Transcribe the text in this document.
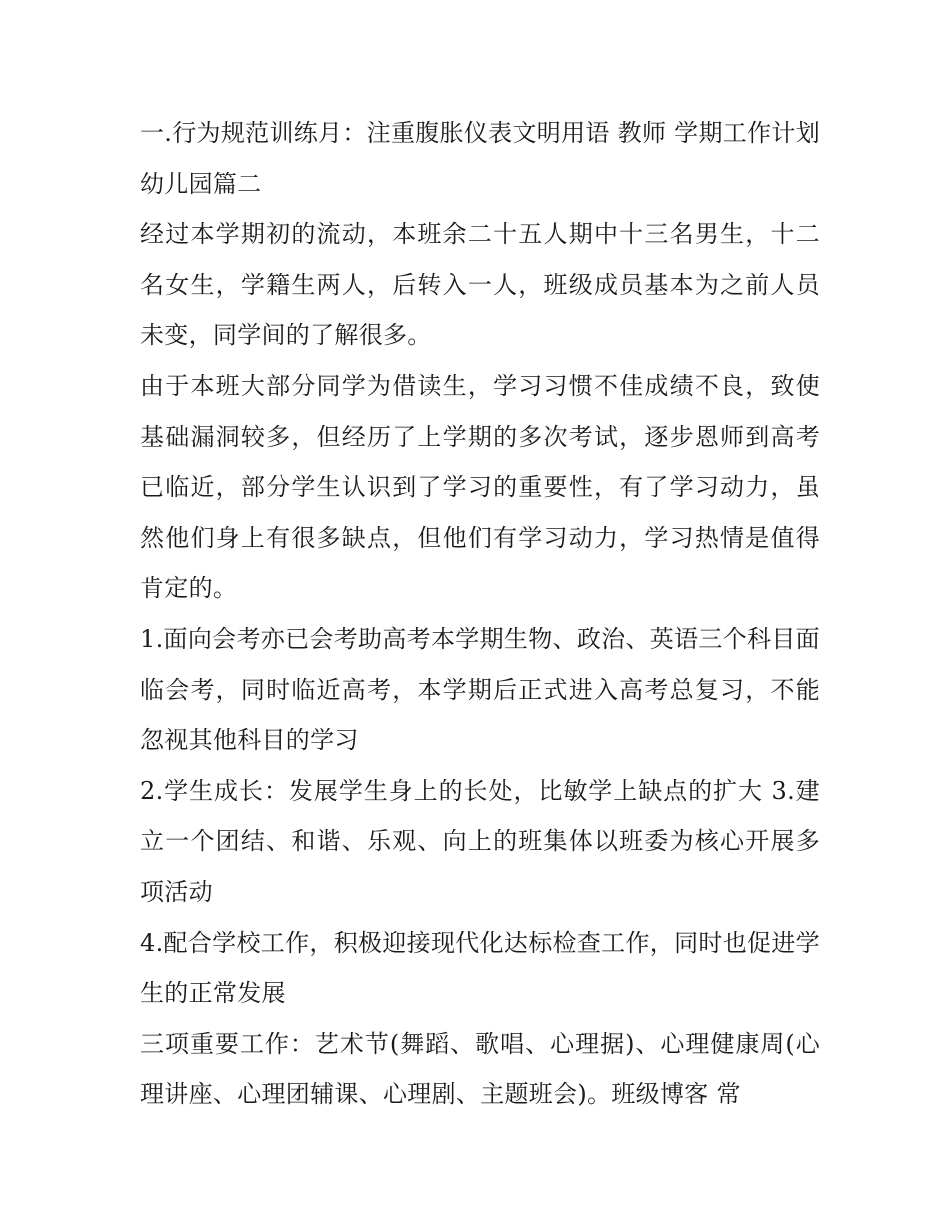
一.行为规范训练月：注重腹胀仪表文明用语 教师 学期工作计划幼儿园篇二

经过本学期初的流动，本班余二十五人期中十三名男生，十二名女生，学籍生两人，后转入一人，班级成员基本为之前人员未变，同学间的了解很多。

由于本班大部分同学为借读生，学习习惯不佳成绩不良，致使基础漏洞较多，但经历了上学期的多次考试，逐步恩师到高考已临近，部分学生认识到了学习的重要性，有了学习动力，虽然他们身上有很多缺点，但他们有学习动力，学习热情是值得肯定的。

1.面向会考亦已会考助高考本学期生物、政治、英语三个科目面临会考，同时临近高考，本学期后正式进入高考总复习，不能忽视其他科目的学习

2.学生成长：发展学生身上的长处，比敏学上缺点的扩大 3.建立一个团结、和谐、乐观、向上的班集体以班委为核心开展多项活动

4.配合学校工作，积极迎接现代化达标检查工作，同时也促进学生的正常发展

三项重要工作：艺术节(舞蹈、歌唱、心理据)、心理健康周(心理讲座、心理团辅课、心理剧、主题班会)。班级博客 常
